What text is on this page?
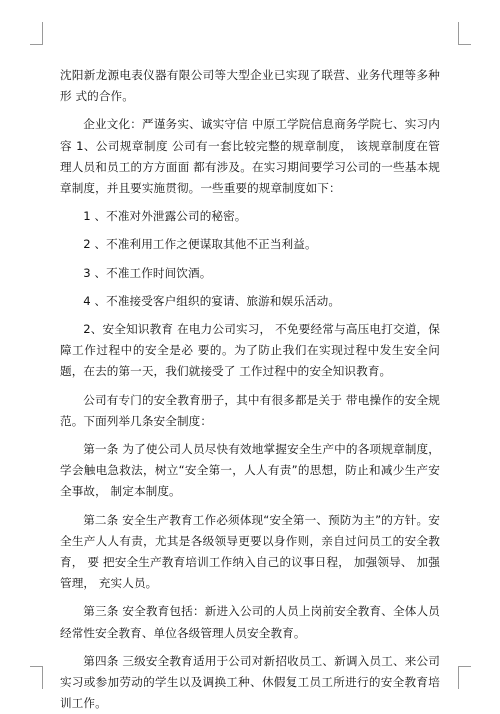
沈阳新龙源电表仪器有限公司等大型企业已实现了联营、业务代理等多种形 式的合作。

企业文化：严谨务实、诚实守信 中原工学院信息商务学院七、实习内容 1、公司规章制度 公司有一套比较完整的规章制度， 该规章制度在管理人员和员工的方方面面 都有涉及。在实习期间要学习公司的一些基本规章制度，并且要实施贯彻。一些重要的规章制度如下：

1 、不准对外泄露公司的秘密。

2 、不准利用工作之便谋取其他不正当利益。

3 、不准工作时间饮酒。

4 、不准接受客户组织的宴请、旅游和娱乐活动。

2、安全知识教育 在电力公司实习， 不免要经常与高压电打交道，保障工作过程中的安全是必 要的。为了防止我们在实现过程中发生安全问题，在去的第一天，我们就接受了 工作过程中的安全知识教育。

公司有专门的安全教育册子，其中有很多都是关于 带电操作的安全规范。下面列举几条安全制度：

第一条 为了使公司人员尽快有效地掌握安全生产中的各项规章制度，学会触电急救法，树立“安全第一，人人有责”的思想，防止和减少生产安全事故， 制定本制度。

第二条 安全生产教育工作必须体现“安全第一、预防为主”的方针。安全生产人人有责，尤其是各级领导更要以身作则，亲自过问员工的安全教育， 要 把安全生产教育培训工作纳入自己的议事日程， 加强领导、 加强管理， 充实人员。

第三条 安全教育包括：新进入公司的人员上岗前安全教育、全体人员经常性安全教育、单位各级管理人员安全教育。

第四条 三级安全教育适用于公司对新招收员工、新调入员工、来公司实习或参加劳动的学生以及调换工种、休假复工员工所进行的安全教育培训工作。
